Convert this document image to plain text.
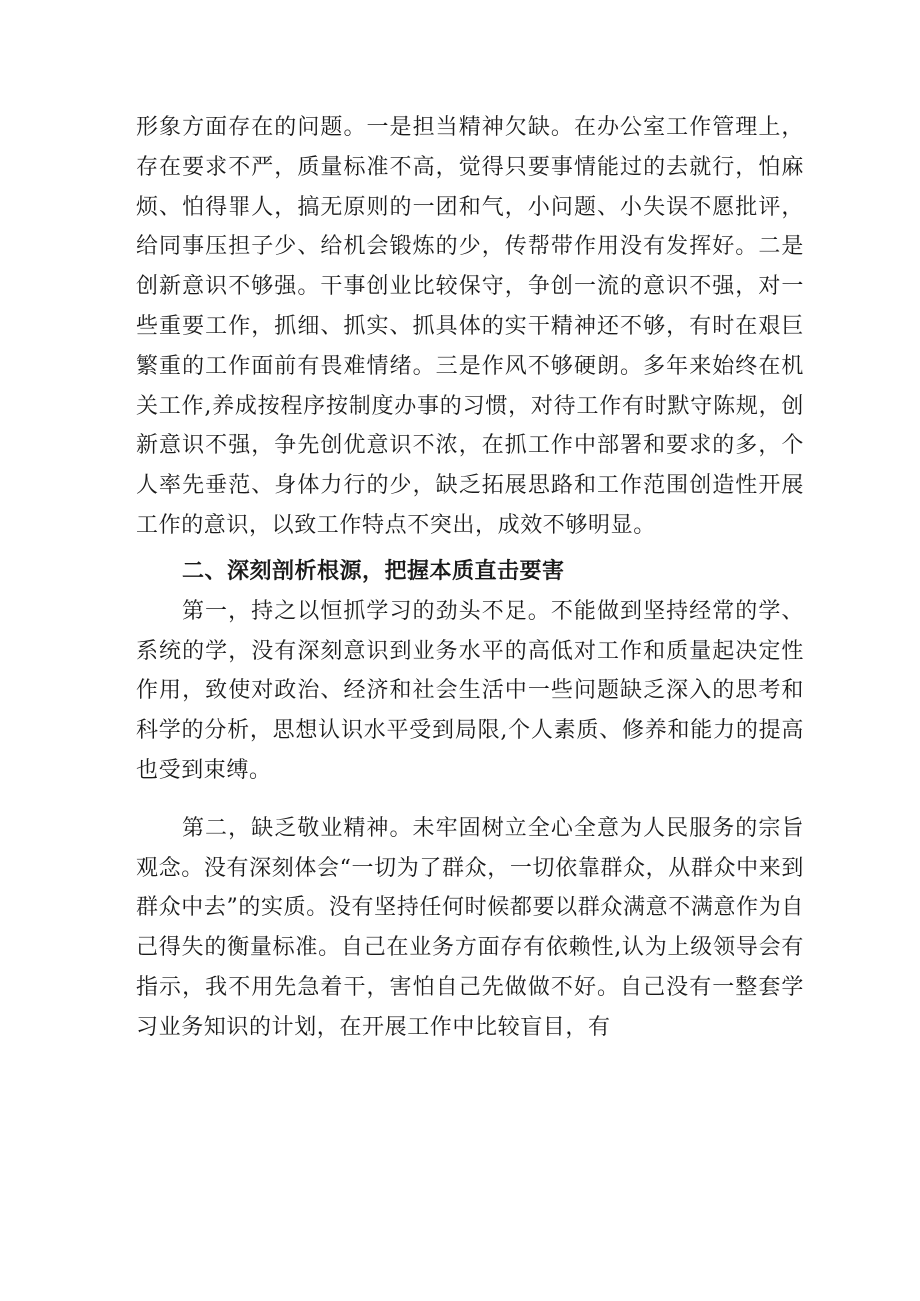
形象方面存在的问题。一是担当精神欠缺。在办公室工作管理上，存在要求不严，质量标准不高，觉得只要事情能过的去就行，怕麻烦、怕得罪人，搞无原则的一团和气，小问题、小失误不愿批评，给同事压担子少、给机会锻炼的少，传帮带作用没有发挥好。二是创新意识不够强。干事创业比较保守，争创一流的意识不强，对一些重要工作，抓细、抓实、抓具体的实干精神还不够，有时在艰巨繁重的工作面前有畏难情绪。三是作风不够硬朗。多年来始终在机关工作,养成按程序按制度办事的习惯，对待工作有时默守陈规，创新意识不强，争先创优意识不浓，在抓工作中部署和要求的多，个人率先垂范、身体力行的少，缺乏拓展思路和工作范围创造性开展工作的意识，以致工作特点不突出，成效不够明显。

二、深刻剖析根源，把握本质直击要害

第一，持之以恒抓学习的劲头不足。不能做到坚持经常的学、系统的学，没有深刻意识到业务水平的高低对工作和质量起决定性作用，致使对政治、经济和社会生活中一些问题缺乏深入的思考和科学的分析，思想认识水平受到局限,个人素质、修养和能力的提高也受到束缚。

第二，缺乏敬业精神。未牢固树立全心全意为人民服务的宗旨观念。没有深刻体会“一切为了群众，一切依靠群众，从群众中来到群众中去”的实质。没有坚持任何时候都要以群众满意不满意作为自己得失的衡量标准。自己在业务方面存有依赖性,认为上级领导会有指示，我不用先急着干，害怕自己先做做不好。自己没有一整套学习业务知识的计划，在开展工作中比较盲目，有
